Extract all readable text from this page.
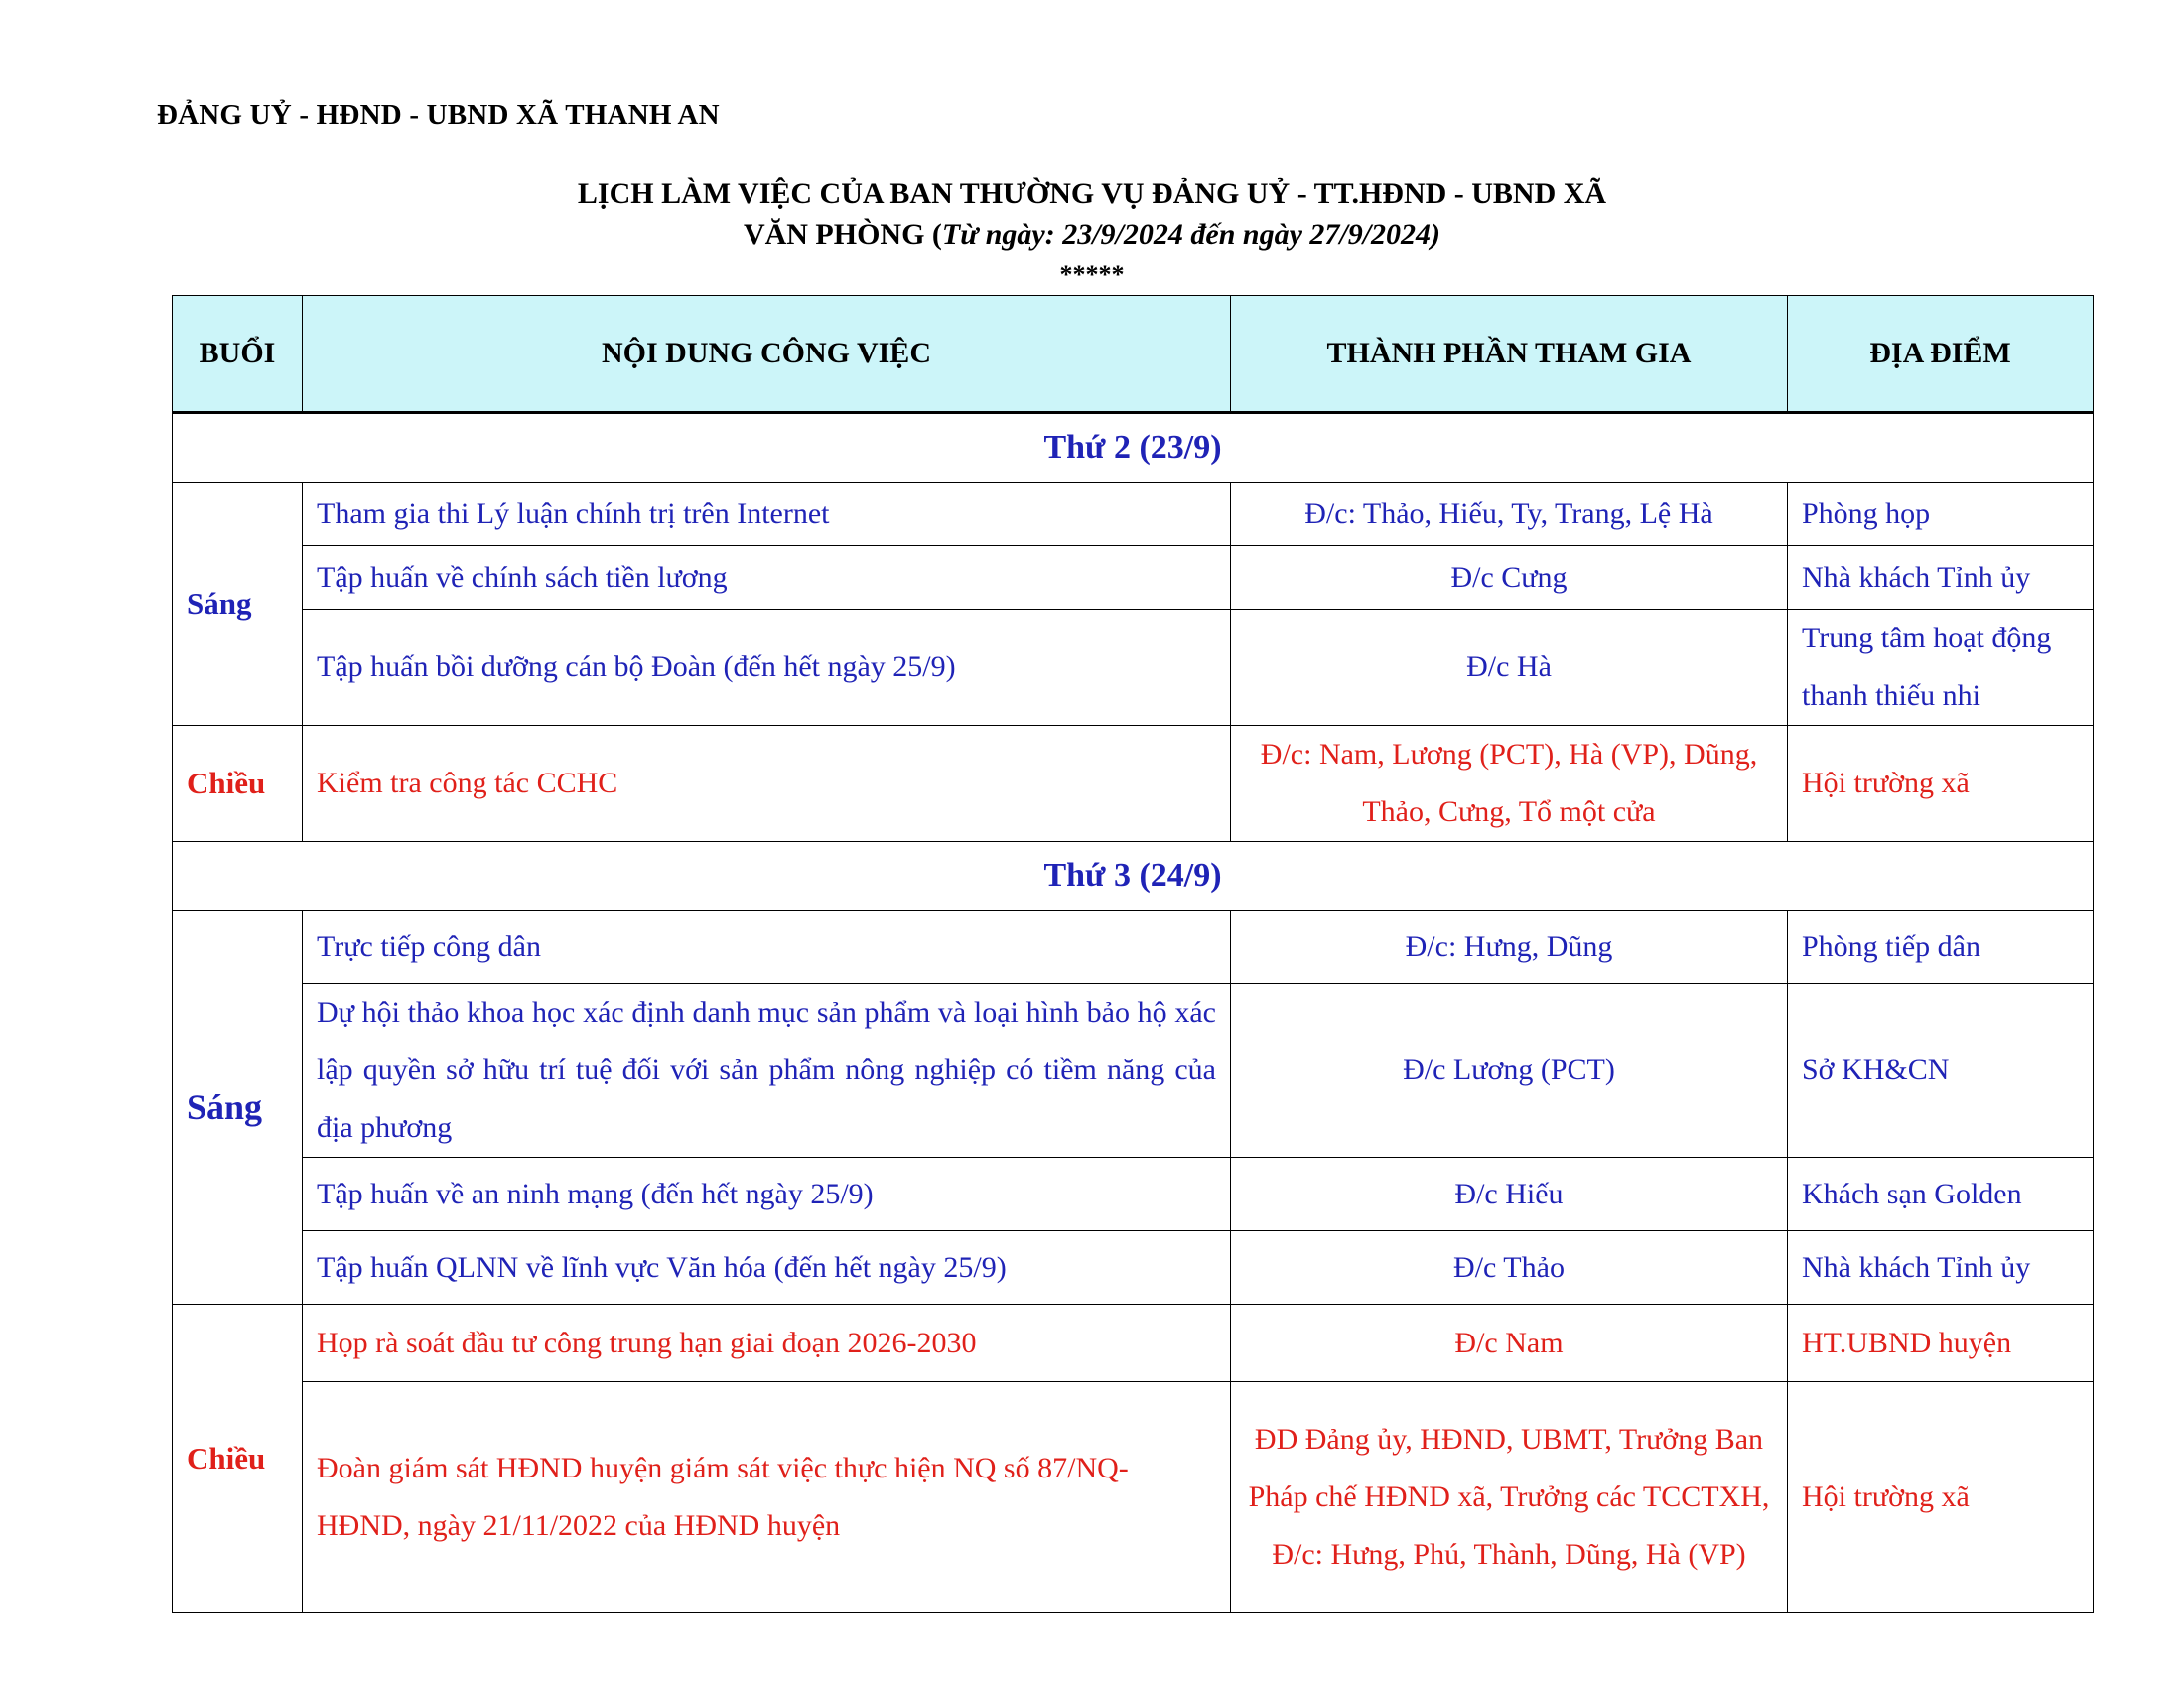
ĐẢNG UỶ - HĐND - UBND XÃ THANH AN
LỊCH LÀM VIỆC CỦA BAN THƯỜNG VỤ ĐẢNG UỶ - TT.HĐND - UBND XÃ
VĂN PHÒNG (Từ ngày: 23/9/2024 đến ngày 27/9/2024)
*****
BUỔI	NỘI DUNG CÔNG VIỆC	THÀNH PHẦN THAM GIA	ĐỊA ĐIỂM
Thứ 2 (23/9)			
Sáng	Tham gia thi Lý luận chính trị trên Internet	Đ/c: Thảo, Hiếu, Ty, Trang, Lệ Hà	Phòng họp
	Tập huấn về chính sách tiền lương	Đ/c Cưng	Nhà khách Tỉnh ủy
	Tập huấn bồi dưỡng cán bộ Đoàn (đến hết ngày 25/9)	Đ/c Hà	Trung tâm hoạt động thanh thiếu nhi
Chiều	Kiểm tra công tác CCHC	Đ/c: Nam, Lương (PCT), Hà (VP), Dũng, Thảo, Cưng, Tổ một cửa	Hội trường xã
Thứ 3 (24/9)			
Sáng	Trực tiếp công dân	Đ/c: Hưng, Dũng	Phòng tiếp dân
	Dự hội thảo khoa học xác định danh mục sản phẩm và loại hình bảo hộ xác lập quyền sở hữu trí tuệ đối với sản phẩm nông nghiệp có tiềm năng của địa phương	Đ/c Lương (PCT)	Sở KH&CN
	Tập huấn về an ninh mạng (đến hết ngày 25/9)	Đ/c Hiếu	Khách sạn Golden
	Tập huấn QLNN về lĩnh vực Văn hóa (đến hết ngày 25/9)	Đ/c Thảo	Nhà khách Tỉnh ủy
Chiều	Họp rà soát đầu tư công trung hạn giai đoạn 2026-2030	Đ/c Nam	HT.UBND huyện
	Đoàn giám sát HĐND huyện giám sát việc thực hiện NQ số 87/NQ-HĐND, ngày 21/11/2022 của HĐND huyện	ĐD Đảng ủy, HĐND, UBMT, Trưởng Ban Pháp chế HĐND xã, Trưởng các TCCTXH, Đ/c: Hưng, Phú, Thành, Dũng, Hà (VP)	Hội trường xã
